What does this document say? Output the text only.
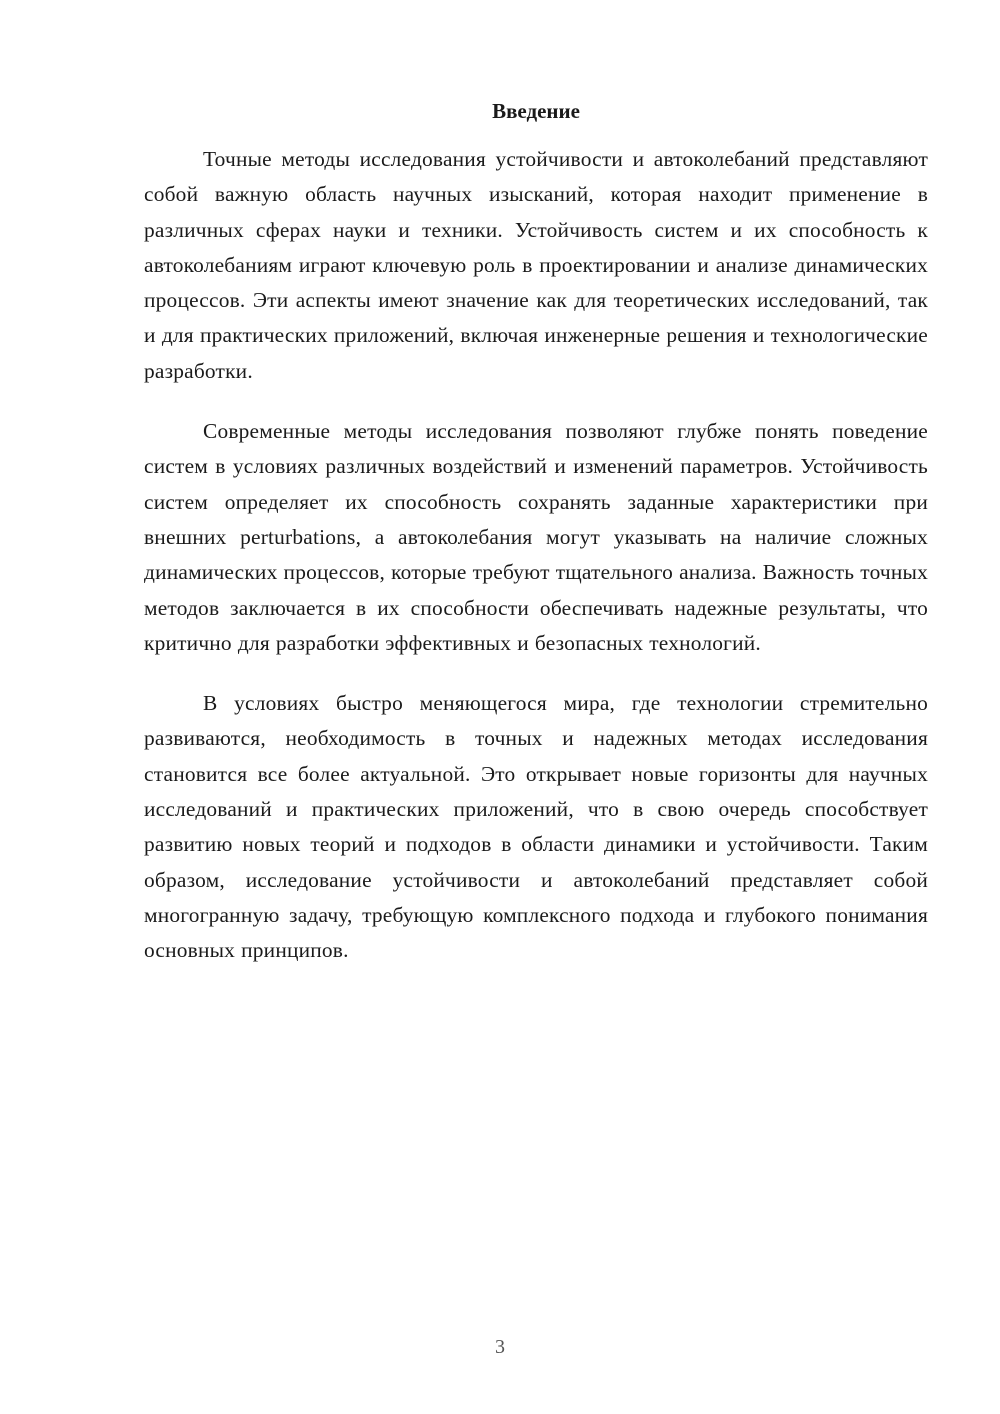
Введение

Точные методы исследования устойчивости и автоколебаний представляют собой важную область научных изысканий, которая находит применение в различных сферах науки и техники. Устойчивость систем и их способность к автоколебаниям играют ключевую роль в проектировании и анализе динамических процессов. Эти аспекты имеют значение как для теоретических исследований, так и для практических приложений, включая инженерные решения и технологические разработки.

Современные методы исследования позволяют глубже понять поведение систем в условиях различных воздействий и изменений параметров. Устойчивость систем определяет их способность сохранять заданные характеристики при внешних perturbations, а автоколебания могут указывать на наличие сложных динамических процессов, которые требуют тщательного анализа. Важность точных методов заключается в их способности обеспечивать надежные результаты, что критично для разработки эффективных и безопасных технологий.

В условиях быстро меняющегося мира, где технологии стремительно развиваются, необходимость в точных и надежных методах исследования становится все более актуальной. Это открывает новые горизонты для научных исследований и практических приложений, что в свою очередь способствует развитию новых теорий и подходов в области динамики и устойчивости. Таким образом, исследование устойчивости и автоколебаний представляет собой многогранную задачу, требующую комплексного подхода и глубокого понимания основных принципов.

3
